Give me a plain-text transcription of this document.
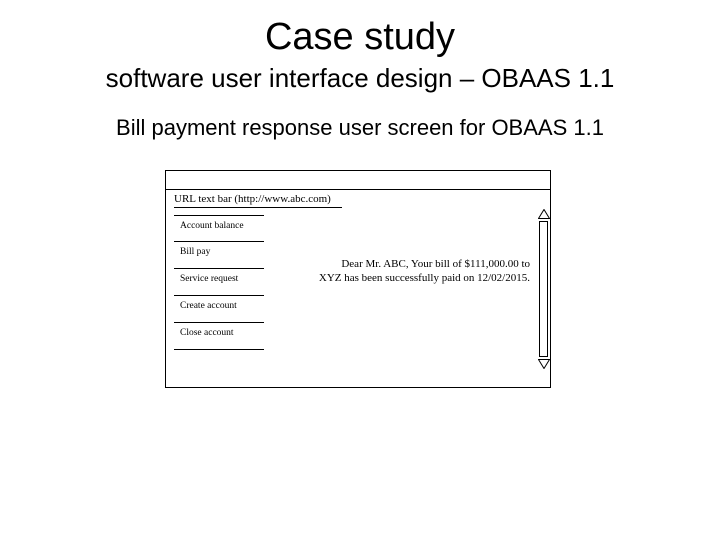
Case study
software user interface design – OBAAS 1.1
Bill payment response user screen for OBAAS 1.1
URL text bar (http://www.abc.com)
Account balance
Bill pay
Service request
Create account
Close account
Dear Mr. ABC, Your bill of $111,000.00 to
XYZ has been successfully paid on 12/02/2015.
